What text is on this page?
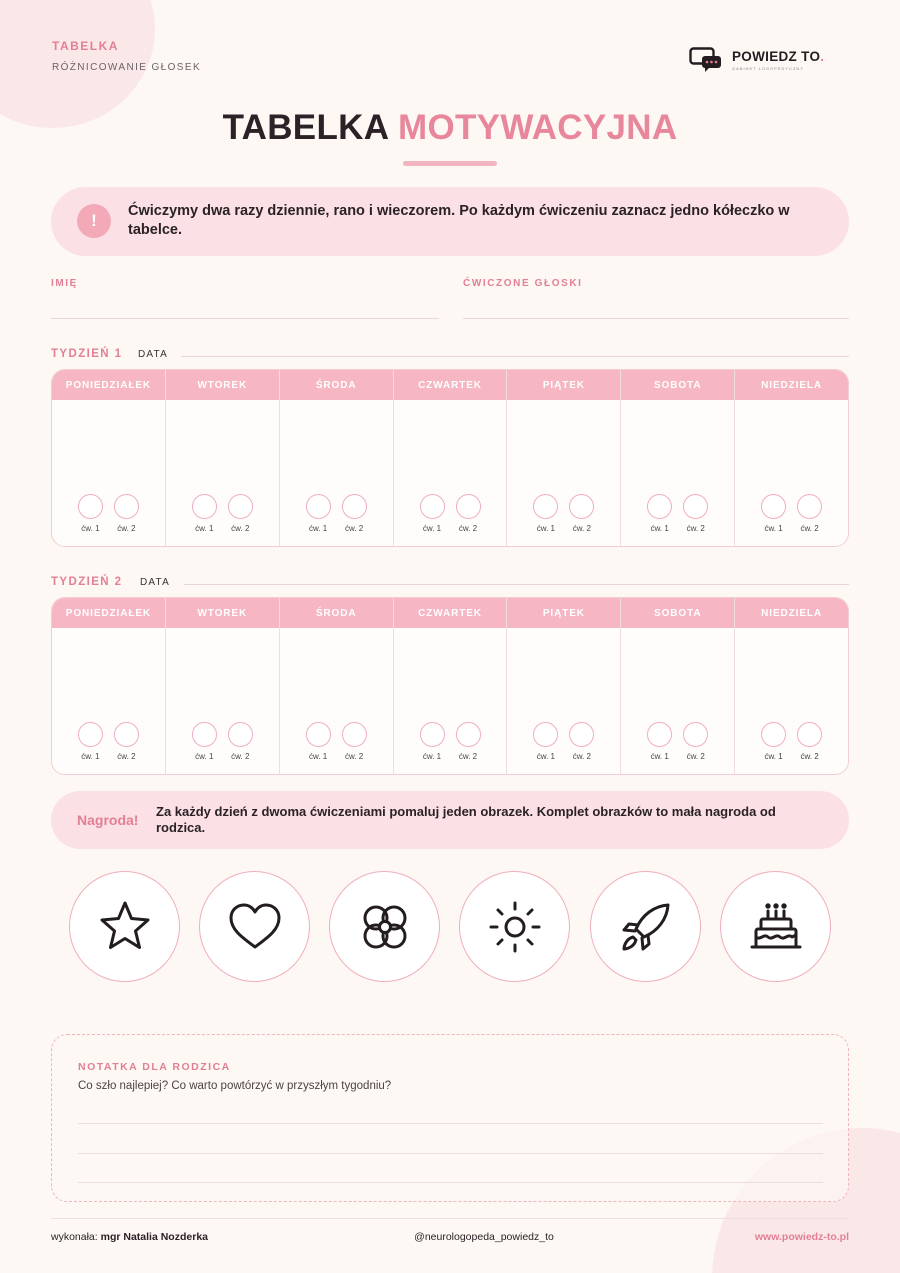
TABELKA
RÓŻNICOWANIE GŁOSEK
POWIEDZ TO.
GABINET LOGOPEDYCZNY
TABELKA MOTYWACYJNA
!	Ćwiczymy dwa razy dziennie, rano i wieczorem. Po każdym ćwiczeniu zaznacz jedno kółeczko w tabelce.
IMIĘ	ĆWICZONE GŁOSKI
TYDZIEŃ 1 DATA
PONIEDZIAŁEK
ćw. 1 ćw. 2
WTOREK
ćw. 1 ćw. 2
ŚRODA
ćw. 1 ćw. 2
CZWARTEK
ćw. 1 ćw. 2
PIĄTEK
ćw. 1 ćw. 2
SOBOTA
ćw. 1 ćw. 2
NIEDZIELA
ćw. 1 ćw. 2
TYDZIEŃ 2 DATA
PONIEDZIAŁEK
ćw. 1 ćw. 2
WTOREK
ćw. 1 ćw. 2
ŚRODA
ćw. 1 ćw. 2
CZWARTEK
ćw. 1 ćw. 2
PIĄTEK
ćw. 1 ćw. 2
SOBOTA
ćw. 1 ćw. 2
NIEDZIELA
ćw. 1 ćw. 2
Nagroda!
Za każdy dzień z dwoma ćwiczeniami pomaluj jeden obrazek. Komplet obrazków to mała nagroda od rodzica.
NOTATKA DLA RODZICA
Co szło najlepiej? Co warto powtórzyć w przyszłym tygodniu?
wykonała: mgr Natalia Nozderka	@neurologopeda_powiedz_to	www.powiedz-to.pl
